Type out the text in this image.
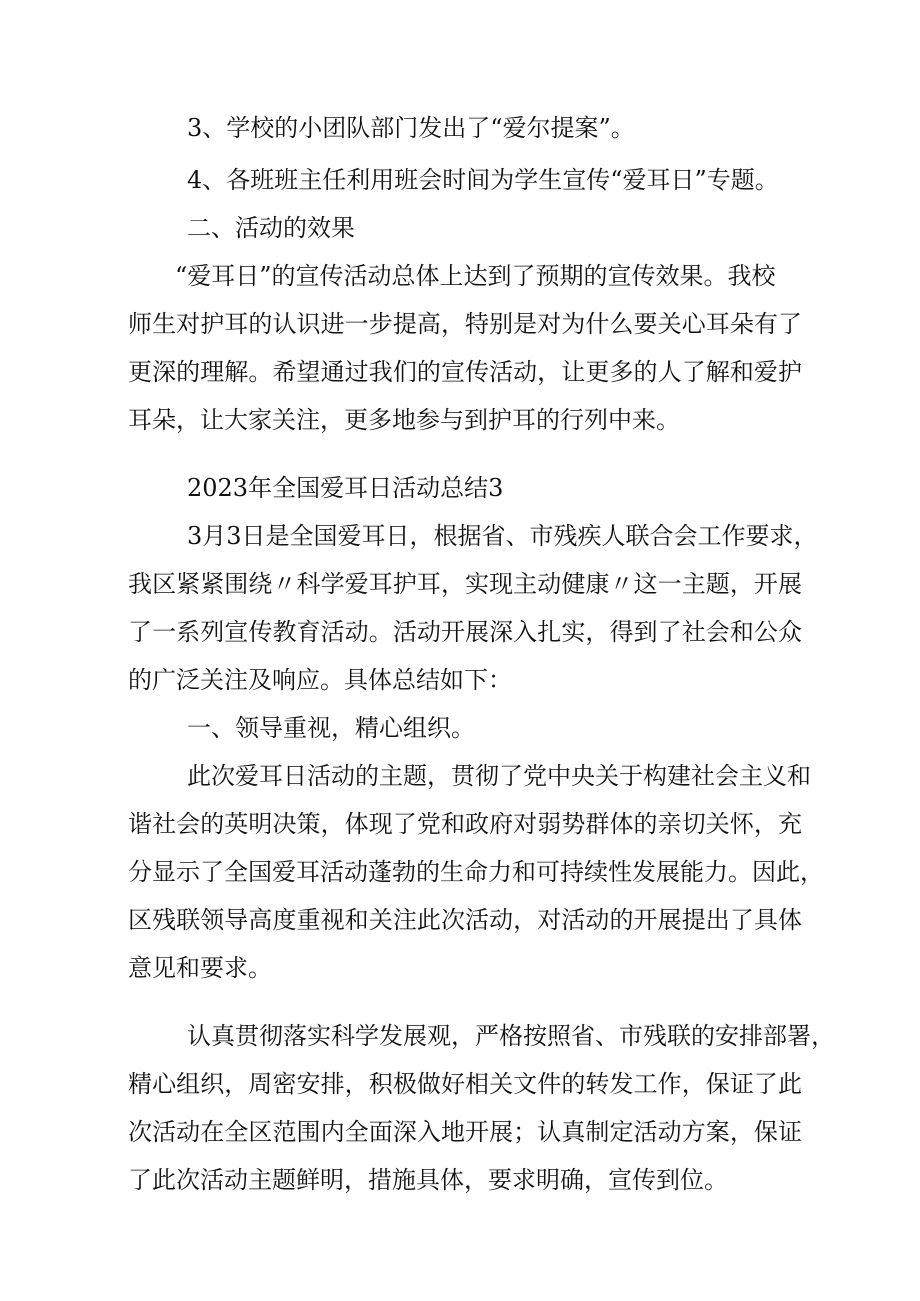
3、学校的小团队部门发出了“爱尔提案”。
4、各班班主任利用班会时间为学生宣传“爱耳日”专题。
二、活动的效果
“爱耳日”的宣传活动总体上达到了预期的宣传效果。我校
师生对护耳的认识进一步提高，特别是对为什么要关心耳朵有了
更深的理解。希望通过我们的宣传活动，让更多的人了解和爱护
耳朵，让大家关注，更多地参与到护耳的行列中来。
2023年全国爱耳日活动总结3
3月3日是全国爱耳日，根据省、市残疾人联合会工作要求，
我区紧紧围绕〃科学爱耳护耳，实现主动健康〃这一主题，开展
了一系列宣传教育活动。活动开展深入扎实，得到了社会和公众
的广泛关注及响应。具体总结如下：
一、领导重视，精心组织。
此次爱耳日活动的主题，贯彻了党中央关于构建社会主义和
谐社会的英明决策，体现了党和政府对弱势群体的亲切关怀，充
分显示了全国爱耳活动蓬勃的生命力和可持续性发展能力。因此，
区残联领导高度重视和关注此次活动，对活动的开展提出了具体
意见和要求。
认真贯彻落实科学发展观，严格按照省、市残联的安排部署，
精心组织，周密安排，积极做好相关文件的转发工作，保证了此
次活动在全区范围内全面深入地开展；认真制定活动方案，保证
了此次活动主题鲜明，措施具体，要求明确，宣传到位。
